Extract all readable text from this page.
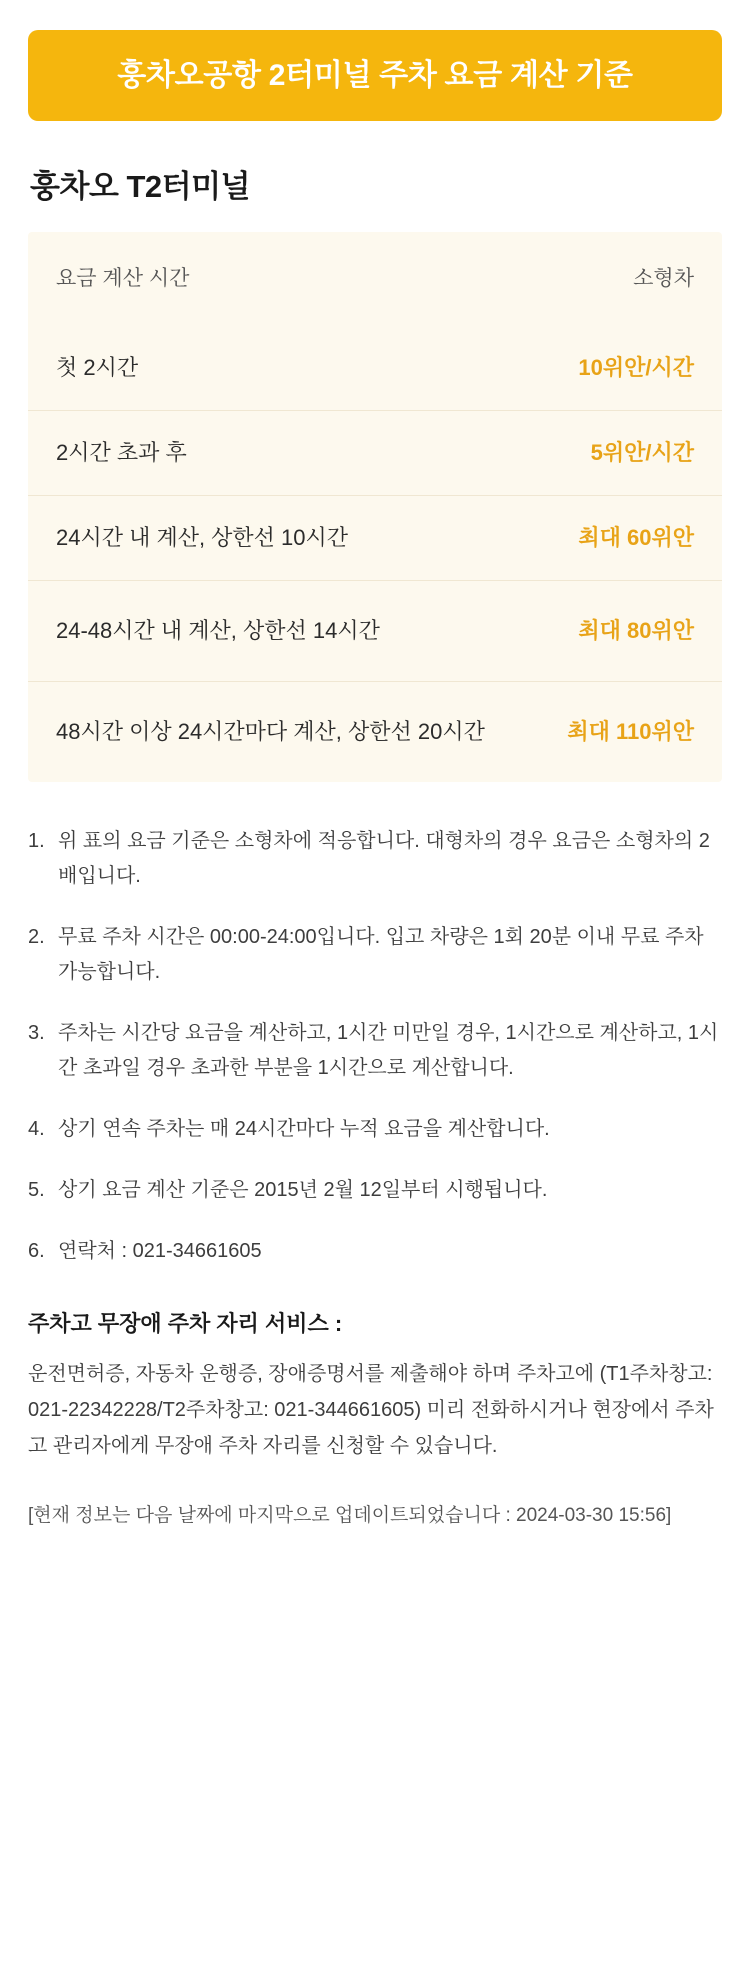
훙차오공항 2터미널 주차 요금 계산 기준
훙차오 T2터미널
요금 계산 시간	소형차
첫 2시간	10위안/시간
2시간 초과 후	5위안/시간
24시간 내 계산, 상한선 10시간	최대 60위안
24-48시간 내 계산, 상한선 14시간	최대 80위안
48시간 이상 24시간마다 계산, 상한선 20시간	최대 110위안
1. 위 표의 요금 기준은 소형차에 적응합니다. 대형차의 경우 요금은 소형차의 2배입니다.
2. 무료 주차 시간은 00:00-24:00입니다. 입고 차량은 1회 20분 이내 무료 주차 가능합니다.
3. 주차는 시간당 요금을 계산하고, 1시간 미만일 경우, 1시간으로 계산하고, 1시간 초과일 경우 초과한 부분을 1시간으로 계산합니다.
4. 상기 연속 주차는 매 24시간마다 누적 요금을 계산합니다.
5. 상기 요금 계산 기준은 2015년 2월 12일부터 시행됩니다.
6. 연락처 : 021-34661605
주차고 무장애 주차 자리 서비스 :

운전면허증, 자동차 운행증, 장애증명서를 제출해야 하며 주차고에 (T1주차창고: 021-22342228/T2주차창고: 021-344661605) 미리 전화하시거나 현장에서 주차고 관리자에게 무장애 주차 자리를 신청할 수 있습니다.

[현재 정보는 다음 날짜에 마지막으로 업데이트되었습니다 : 2024-03-30 15:56]
